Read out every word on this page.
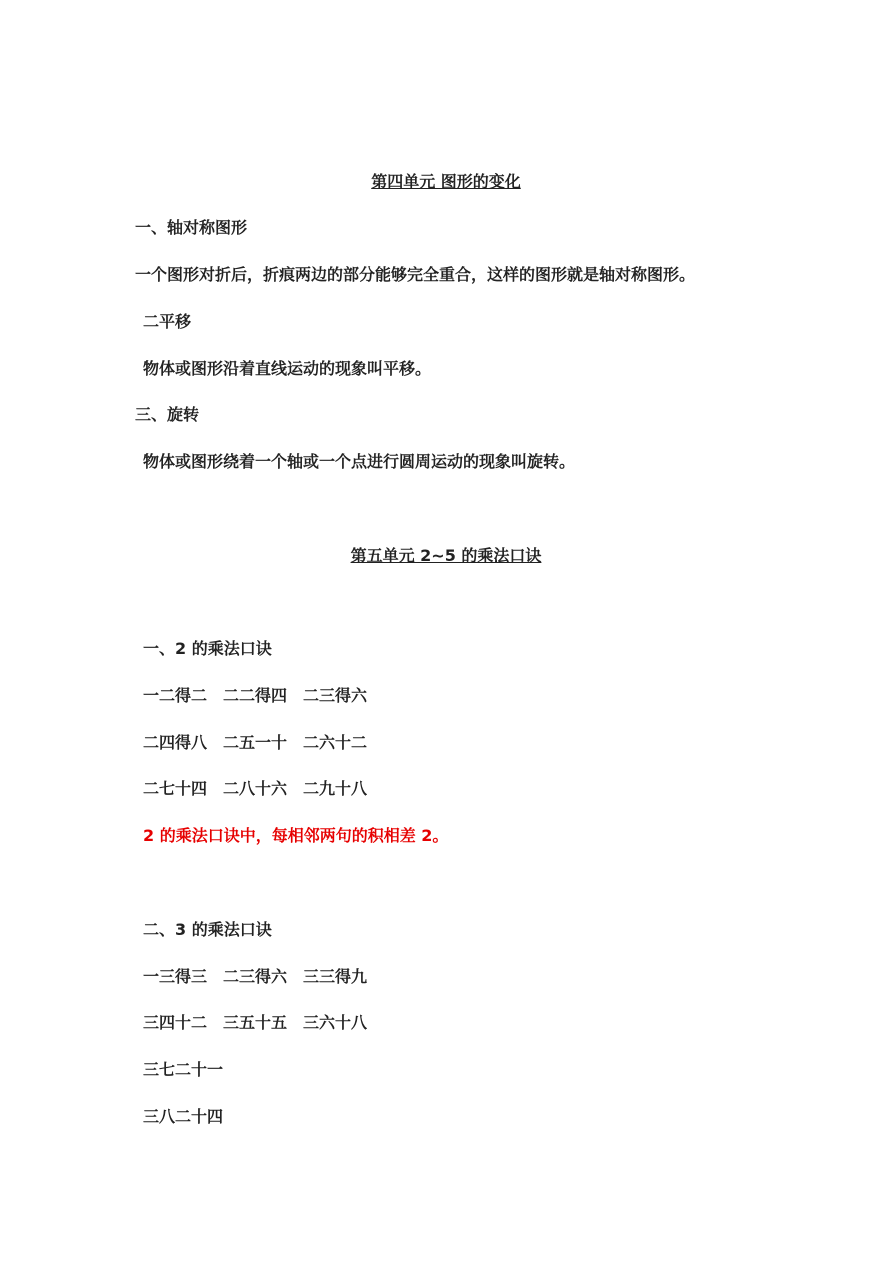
第四单元 图形的变化
一、轴对称图形
一个图形对折后，折痕两边的部分能够完全重合，这样的图形就是轴对称图形。
二平移
物体或图形沿着直线运动的现象叫平移。
三、旋转
物体或图形绕着一个轴或一个点进行圆周运动的现象叫旋转。
第五单元 2~5 的乘法口诀
一、2 的乘法口诀
一二得二 二二得四 二三得六
二四得八 二五一十 二六十二
二七十四 二八十六 二九十八
2 的乘法口诀中，每相邻两句的积相差 2。
二、3 的乘法口诀
一三得三 二三得六 三三得九
三四十二 三五十五 三六十八
三七二十一
三八二十四
